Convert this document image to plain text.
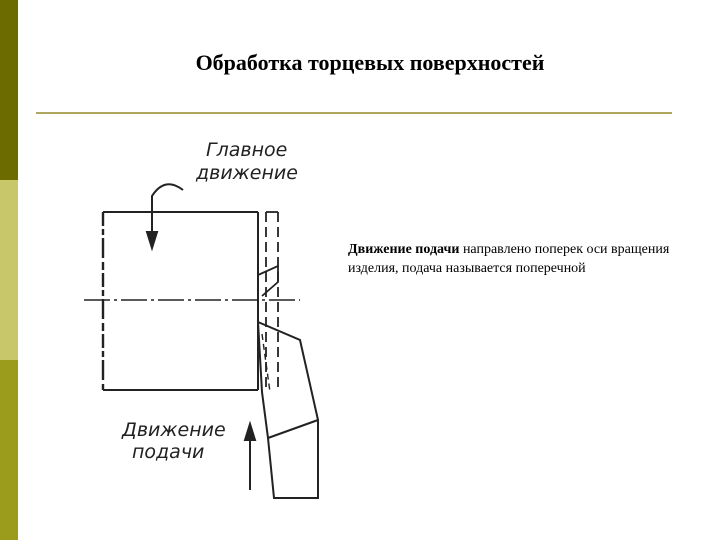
Обработка торцевых поверхностей
Главное
движение
Движение
подачи
Движение подачи направлено поперек оси вращения изделия, подача называется поперечной
